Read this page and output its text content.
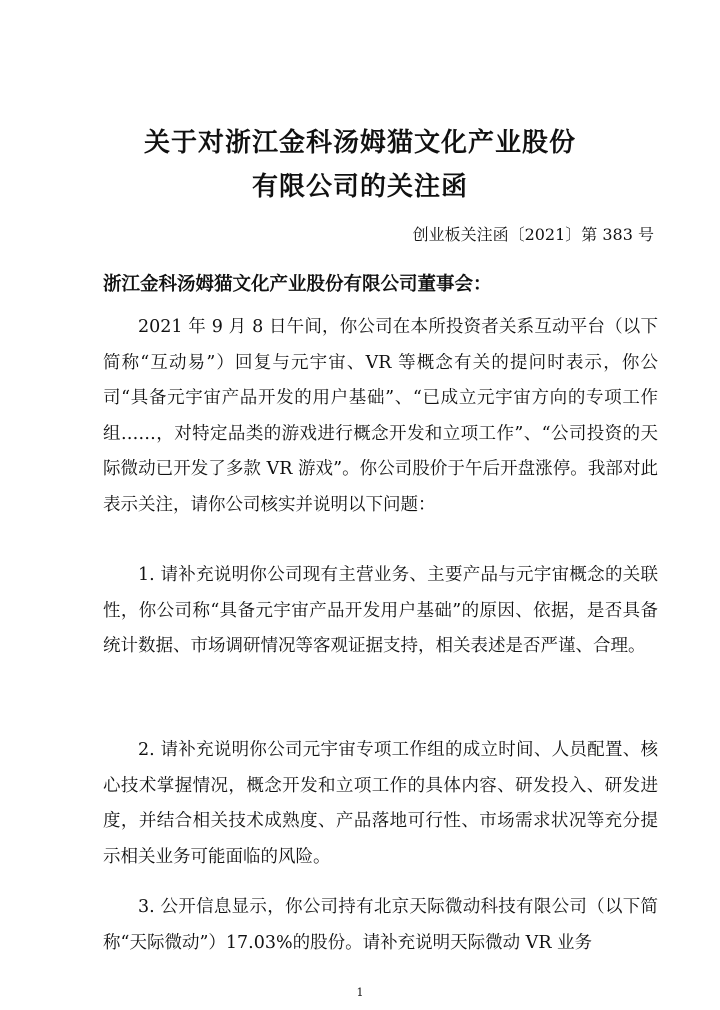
关于对浙江金科汤姆猫文化产业股份
有限公司的关注函
创业板关注函〔2021〕第 383 号
浙江金科汤姆猫文化产业股份有限公司董事会：

2021 年 9 月 8 日午间，你公司在本所投资者关系互动平台（以下简称“互动易”）回复与元宇宙、VR 等概念有关的提问时表示，你公司“具备元宇宙产品开发的用户基础”、“已成立元宇宙方向的专项工作组……，对特定品类的游戏进行概念开发和立项工作”、“公司投资的天际微动已开发了多款 VR 游戏”。你公司股价于午后开盘涨停。我部对此表示关注，请你公司核实并说明以下问题：

1. 请补充说明你公司现有主营业务、主要产品与元宇宙概念的关联性，你公司称“具备元宇宙产品开发用户基础”的原因、依据，是否具备统计数据、市场调研情况等客观证据支持，相关表述是否严谨、合理。

2. 请补充说明你公司元宇宙专项工作组的成立时间、人员配置、核心技术掌握情况，概念开发和立项工作的具体内容、研发投入、研发进度，并结合相关技术成熟度、产品落地可行性、市场需求状况等充分提示相关业务可能面临的风险。

3. 公开信息显示，你公司持有北京天际微动科技有限公司（以下简称“天际微动”）17.03%的股份。请补充说明天际微动 VR 业务

1
